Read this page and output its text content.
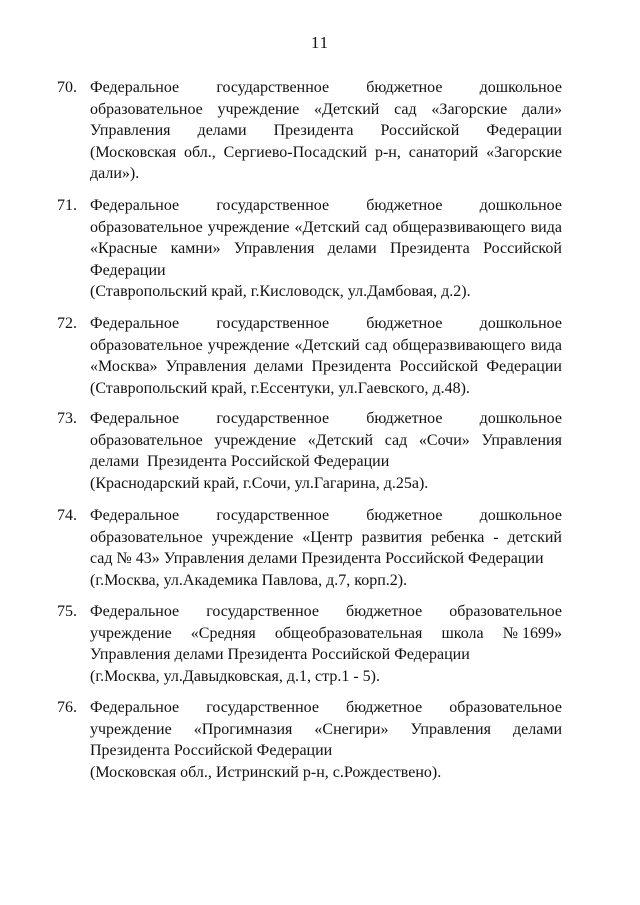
11
70. Федеральное государственное бюджетное дошкольное
образовательное учреждение «Детский сад «Загорские дали»
Управления делами Президента Российской Федерации
(Московская обл., Сергиево-Посадский р-н, санаторий «Загорские
дали»).
71. Федеральное государственное бюджетное дошкольное
образовательное учреждение «Детский сад общеразвивающего вида
«Красные камни» Управления делами Президента Российской
Федерации
(Ставропольский край, г.Кисловодск, ул.Дамбовая, д.2).
72. Федеральное государственное бюджетное дошкольное
образовательное учреждение «Детский сад общеразвивающего вида
«Москва» Управления делами Президента Российской Федерации
(Ставропольский край, г.Ессентуки, ул.Гаевского, д.48).
73. Федеральное государственное бюджетное дошкольное
образовательное учреждение «Детский сад «Сочи» Управления
делами  Президента Российской Федерации
(Краснодарский край, г.Сочи, ул.Гагарина, д.25а).
74. Федеральное государственное бюджетное дошкольное
образовательное учреждение «Центр развития ребенка - детский
сад № 43» Управления делами Президента Российской Федерации
(г.Москва, ул.Академика Павлова, д.7, корп.2).
75. Федеральное государственное бюджетное образовательное
учреждение «Средняя общеобразовательная школа № 1699»
Управления делами Президента Российской Федерации
(г.Москва, ул.Давыдковская, д.1, стр.1 - 5).
76. Федеральное государственное бюджетное образовательное
учреждение «Прогимназия «Снегири» Управления делами
Президента Российской Федерации
(Московская обл., Истринский р-н, с.Рождествено).
